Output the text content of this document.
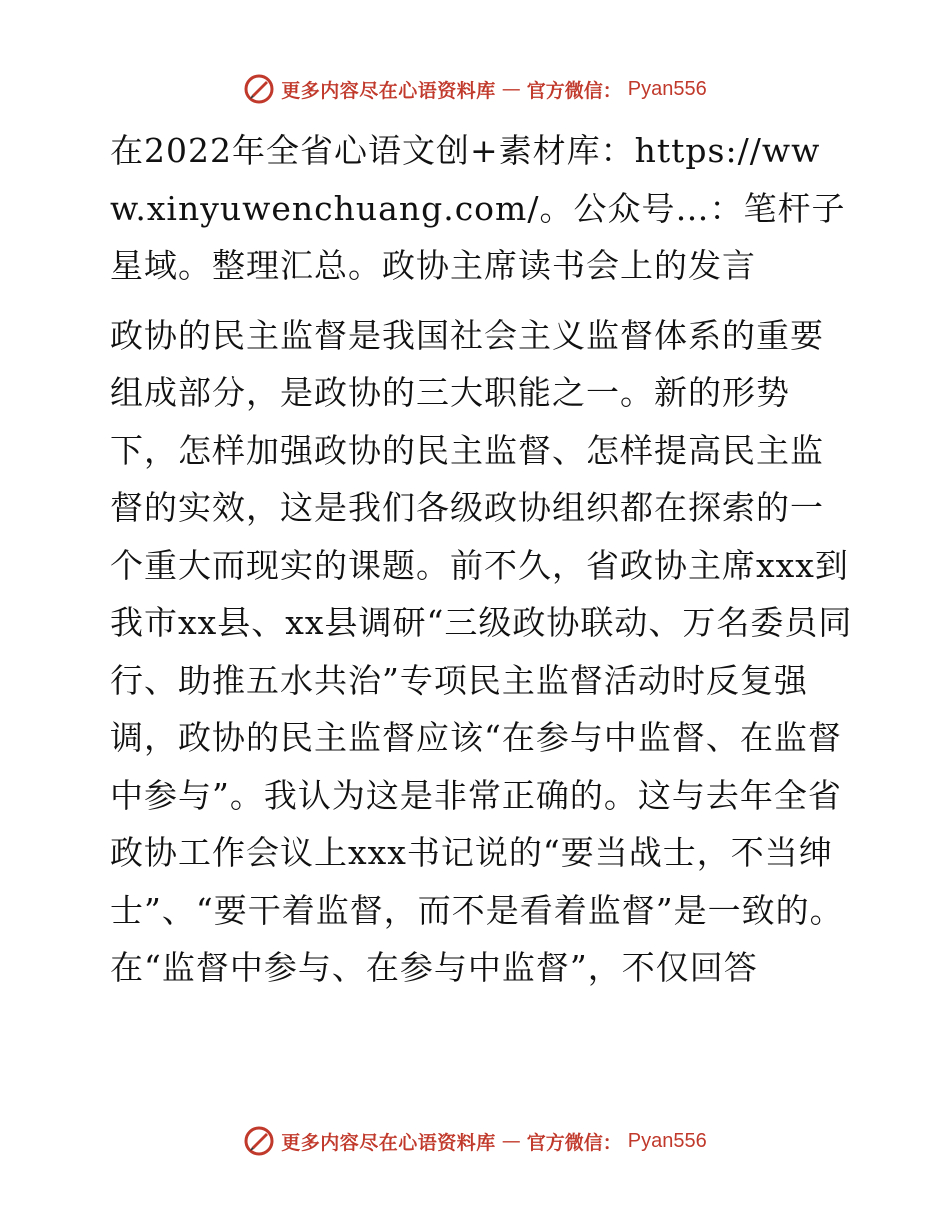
更多内容尽在心语资料库 — 官方微信： Pyan556

在2022年全省心语文创+素材库：https://www.xinyuwenchuang.com/。公众号…：笔杆子星域。整理汇总。政协主席读书会上的发言

政协的民主监督是我国社会主义监督体系的重要组成部分，是政协的三大职能之一。新的形势下，怎样加强政协的民主监督、怎样提高民主监督的实效，这是我们各级政协组织都在探索的一个重大而现实的课题。前不久，省政协主席xxx到我市xx县、xx县调研“三级政协联动、万名委员同行、助推五水共治”专项民主监督活动时反复强调，政协的民主监督应该“在参与中监督、在监督中参与”。我认为这是非常正确的。这与去年全省政协工作会议上xxx书记说的“要当战士，不当绅士”、“要干着监督，而不是看着监督”是一致的。在“监督中参与、在参与中监督”，不仅回答

更多内容尽在心语资料库 — 官方微信： Pyan556
